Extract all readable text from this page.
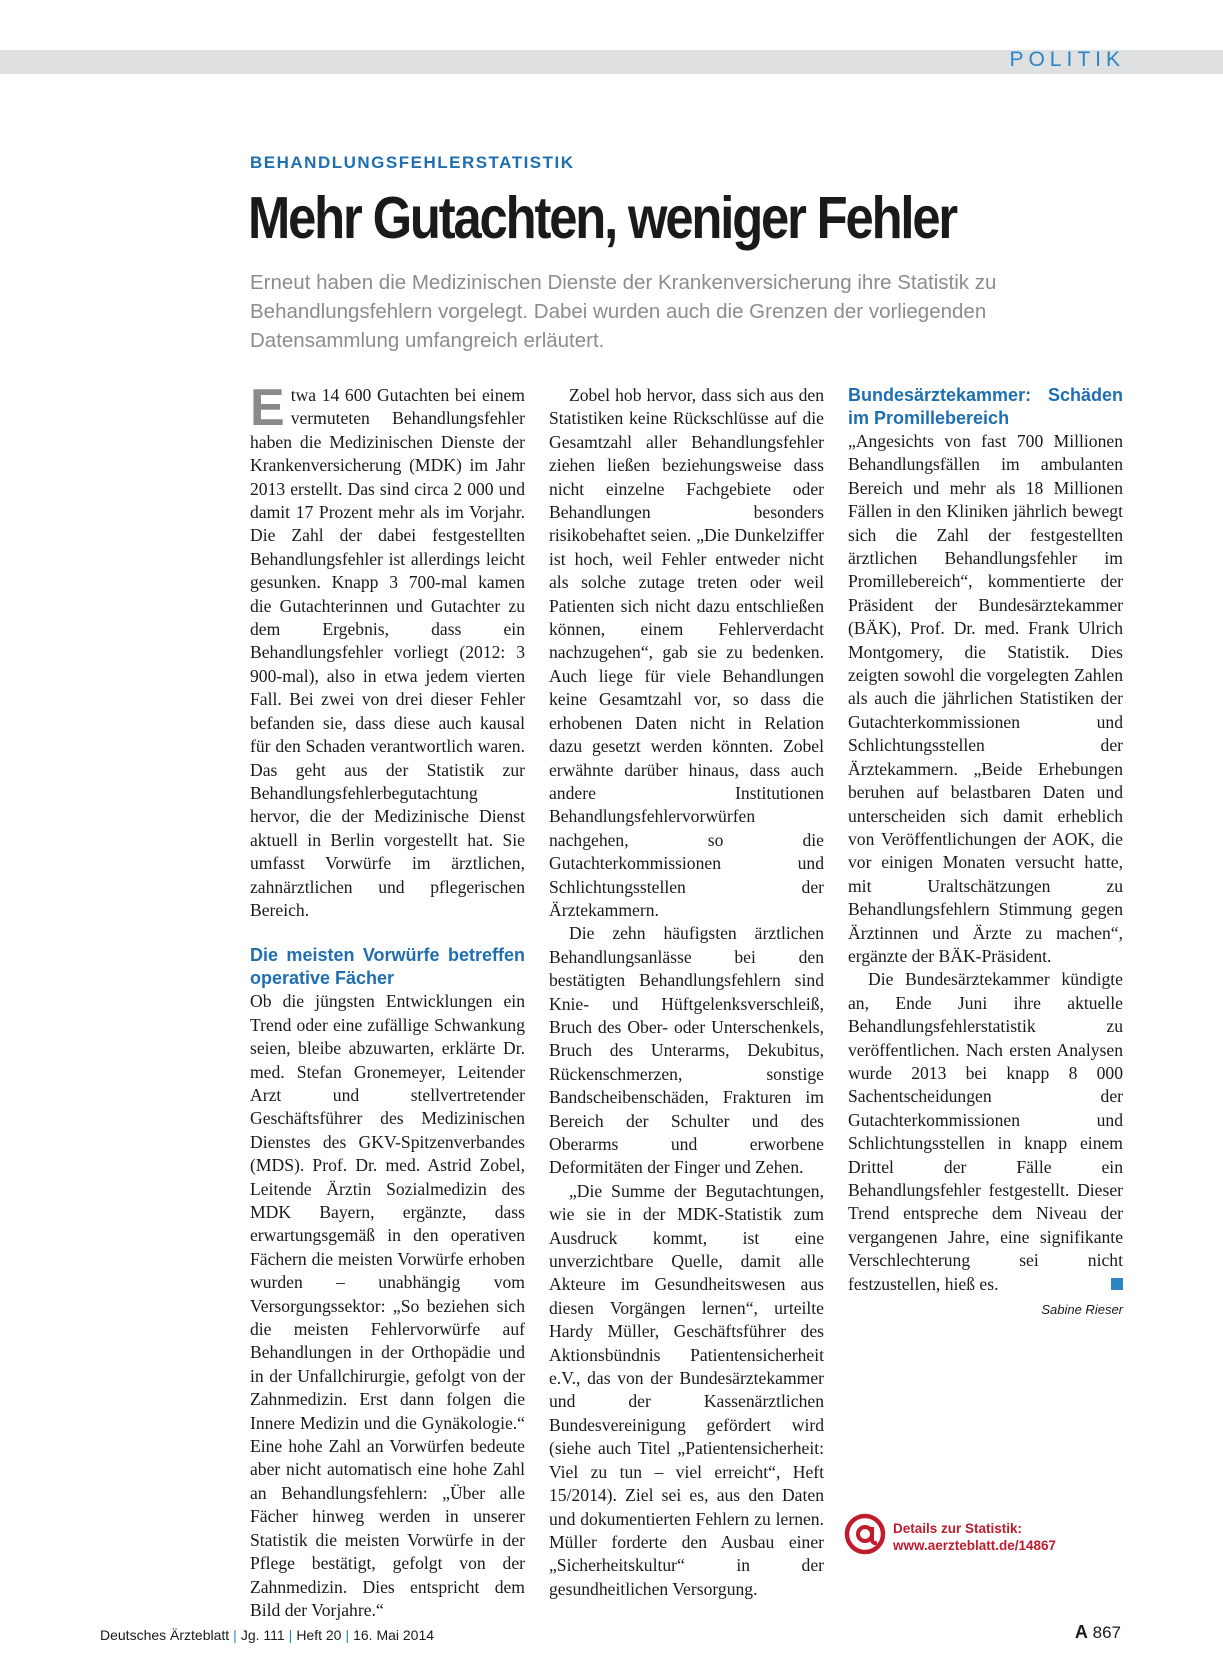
POLITIK
BEHANDLUNGSFEHLERSTATISTIK
Mehr Gutachten, weniger Fehler

Erneut haben die Medizinischen Dienste der Krankenversicherung ihre Statistik zu Behandlungsfehlern vorgelegt. Dabei wurden auch die Grenzen der vorliegenden Datensammlung umfangreich erläutert.

Etwa 14 600 Gutachten bei einem vermuteten Behandlungsfehler haben die Medizinischen Dienste der Krankenversicherung (MDK) im Jahr 2013 erstellt. Das sind circa 2 000 und damit 17 Prozent mehr als im Vorjahr. Die Zahl der dabei festgestellten Behandlungsfehler ist allerdings leicht gesunken. Knapp 3 700-mal kamen die Gutachterinnen und Gutachter zu dem Ergebnis, dass ein Behandlungsfehler vorliegt (2012: 3 900-mal), also in etwa jedem vierten Fall. Bei zwei von drei dieser Fehler befanden sie, dass diese auch kausal für den Schaden verantwortlich waren. Das geht aus der Statistik zur Behandlungsfehlerbegutachtung hervor, die der Medizinische Dienst aktuell in Berlin vorgestellt hat. Sie umfasst Vorwürfe im ärztlichen, zahnärztlichen und pflegerischen Bereich.

Die meisten Vorwürfe betreffen operative Fächer

Ob die jüngsten Entwicklungen ein Trend oder eine zufällige Schwankung seien, bleibe abzuwarten, erklärte Dr. med. Stefan Gronemeyer, Leitender Arzt und stellvertretender Geschäftsführer des Medizinischen Dienstes des GKV-Spitzenverbandes (MDS). Prof. Dr. med. Astrid Zobel, Leitende Ärztin Sozialmedizin des MDK Bayern, ergänzte, dass erwartungsgemäß in den operativen Fächern die meisten Vorwürfe erhoben wurden – unabhängig vom Versorgungssektor: „So beziehen sich die meisten Fehlervorwürfe auf Behandlungen in der Orthopädie und in der Unfallchirurgie, gefolgt von der Zahnmedizin. Erst dann folgen die Innere Medizin und die Gynäkologie.“ Eine hohe Zahl an Vorwürfen bedeute aber nicht automatisch eine hohe Zahl an Behandlungsfehlern: „Über alle Fächer hinweg werden in unserer Statistik die meisten Vorwürfe in der Pflege bestätigt, gefolgt von der Zahnmedizin. Dies entspricht dem Bild der Vorjahre.“

Zobel hob hervor, dass sich aus den Statistiken keine Rückschlüsse auf die Gesamtzahl aller Behandlungsfehler ziehen ließen beziehungsweise dass nicht einzelne Fachgebiete oder Behandlungen besonders risikobehaftet seien. „Die Dunkelziffer ist hoch, weil Fehler entweder nicht als solche zutage treten oder weil Patienten sich nicht dazu entschließen können, einem Fehlerverdacht nachzugehen“, gab sie zu bedenken. Auch liege für viele Behandlungen keine Gesamtzahl vor, so dass die erhobenen Daten nicht in Relation dazu gesetzt werden könnten. Zobel erwähnte darüber hinaus, dass auch andere Institutionen Behandlungsfehlervorwürfen nachgehen, so die Gutachterkommissionen und Schlichtungsstellen der Ärztekammern.

Die zehn häufigsten ärztlichen Behandlungsanlässe bei den bestätigten Behandlungsfehlern sind Knie- und Hüftgelenksverschleiß, Bruch des Ober- oder Unterschenkels, Bruch des Unterarms, Dekubitus, Rückenschmerzen, sonstige Bandscheibenschäden, Frakturen im Bereich der Schulter und des Oberarms und erworbene Deformitäten der Finger und Zehen.

„Die Summe der Begutachtungen, wie sie in der MDK-Statistik zum Ausdruck kommt, ist eine unverzichtbare Quelle, damit alle Akteure im Gesundheitswesen aus diesen Vorgängen lernen“, urteilte Hardy Müller, Geschäftsführer des Aktionsbündnis Patientensicherheit e.V., das von der Bundesärztekammer und der Kassenärztlichen Bundesvereinigung gefördert wird (siehe auch Titel „Patientensicherheit: Viel zu tun – viel erreicht“, Heft 15/2014). Ziel sei es, aus den Daten und dokumentierten Fehlern zu lernen. Müller forderte den Ausbau einer „Sicherheitskultur“ in der gesundheitlichen Versorgung.

Bundesärztekammer: Schäden im Promillebereich

„Angesichts von fast 700 Millionen Behandlungsfällen im ambulanten Bereich und mehr als 18 Millionen Fällen in den Kliniken jährlich bewegt sich die Zahl der festgestellten ärztlichen Behandlungsfehler im Promillebereich“, kommentierte der Präsident der Bundesärztekammer (BÄK), Prof. Dr. med. Frank Ulrich Montgomery, die Statistik. Dies zeigten sowohl die vorgelegten Zahlen als auch die jährlichen Statistiken der Gutachterkommissionen und Schlichtungsstellen der Ärztekammern. „Beide Erhebungen beruhen auf belastbaren Daten und unterscheiden sich damit erheblich von Veröffentlichungen der AOK, die vor einigen Monaten versucht hatte, mit Uraltschätzungen zu Behandlungsfehlern Stimmung gegen Ärztinnen und Ärzte zu machen“, ergänzte der BÄK-Präsident.

Die Bundesärztekammer kündigte an, Ende Juni ihre aktuelle Behandlungsfehlerstatistik zu veröffentlichen. Nach ersten Analysen wurde 2013 bei knapp 8 000 Sachentscheidungen der Gutachterkommissionen und Schlichtungsstellen in knapp einem Drittel der Fälle ein Behandlungsfehler festgestellt. Dieser Trend entspreche dem Niveau der vergangenen Jahre, eine signifikante Verschlechterung sei nicht festzustellen, hieß es.

Sabine Rieser
Details zur Statistik:
www.aerzteblatt.de/14867
Deutsches Ärzteblatt | Jg. 111 | Heft 20 | 16. Mai 2014	A 867
